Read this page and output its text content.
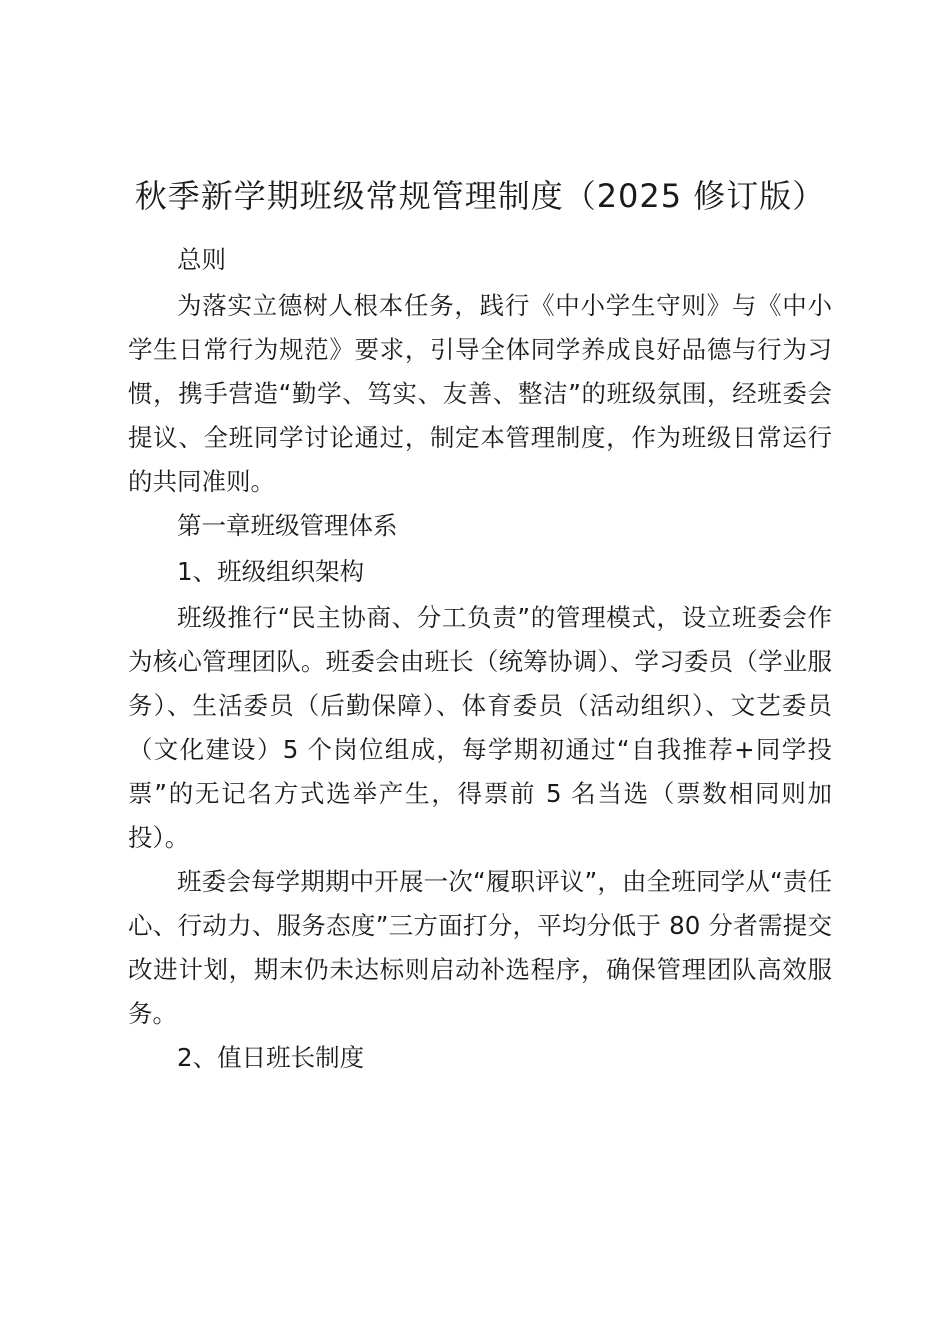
秋季新学期班级常规管理制度（2025 修订版）

总则

为落实立德树人根本任务，践行《中小学生守则》与《中小学生日常行为规范》要求，引导全体同学养成良好品德与行为习惯，携手营造“勤学、笃实、友善、整洁”的班级氛围，经班委会提议、全班同学讨论通过，制定本管理制度，作为班级日常运行的共同准则。

第一章班级管理体系

1、班级组织架构

班级推行“民主协商、分工负责”的管理模式，设立班委会作为核心管理团队。班委会由班长（统筹协调）、学习委员（学业服务）、生活委员（后勤保障）、体育委员（活动组织）、文艺委员（文化建设）5 个岗位组成，每学期初通过“自我推荐+同学投票”的无记名方式选举产生，得票前 5 名当选（票数相同则加投）。

班委会每学期期中开展一次“履职评议”，由全班同学从“责任心、行动力、服务态度”三方面打分，平均分低于 80 分者需提交改进计划，期末仍未达标则启动补选程序，确保管理团队高效服务。

2、值日班长制度
